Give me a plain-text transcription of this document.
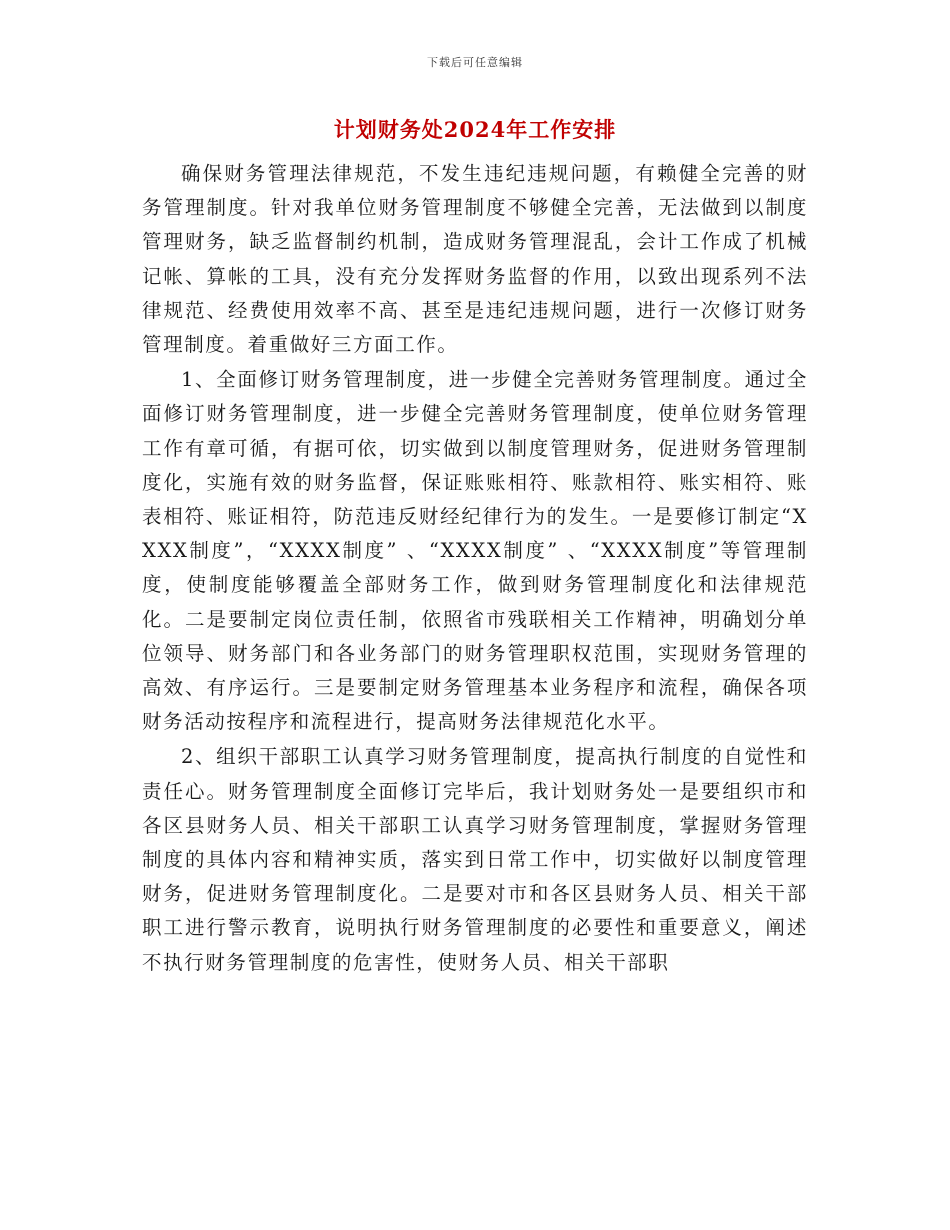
下载后可任意编辑
计划财务处2024年工作安排

确保财务管理法律规范，不发生违纪违规问题，有赖健全完善的财务管理制度。针对我单位财务管理制度不够健全完善，无法做到以制度管理财务，缺乏监督制约机制，造成财务管理混乱，会计工作成了机械记帐、算帐的工具，没有充分发挥财务监督的作用，以致出现系列不法律规范、经费使用效率不高、甚至是违纪违规问题，进行一次修订财务管理制度。着重做好三方面工作。

1、全面修订财务管理制度，进一步健全完善财务管理制度。通过全面修订财务管理制度，进一步健全完善财务管理制度，使单位财务管理工作有章可循，有据可依，切实做到以制度管理财务，促进财务管理制度化，实施有效的财务监督，保证账账相符、账款相符、账实相符、账表相符、账证相符，防范违反财经纪律行为的发生。一是要修订制定“XXXX制度”，“XXXX制度” 、“XXXX制度” 、“XXXX制度”等管理制度，使制度能够覆盖全部财务工作，做到财务管理制度化和法律规范化。二是要制定岗位责任制，依照省市残联相关工作精神，明确划分单位领导、财务部门和各业务部门的财务管理职权范围，实现财务管理的高效、有序运行。三是要制定财务管理基本业务程序和流程，确保各项财务活动按程序和流程进行，提高财务法律规范化水平。

2、组织干部职工认真学习财务管理制度，提高执行制度的自觉性和责任心。财务管理制度全面修订完毕后，我计划财务处一是要组织市和各区县财务人员、相关干部职工认真学习财务管理制度，掌握财务管理制度的具体内容和精神实质，落实到日常工作中，切实做好以制度管理财务，促进财务管理制度化。二是要对市和各区县财务人员、相关干部职工进行警示教育，说明执行财务管理制度的必要性和重要意义，阐述不执行财务管理制度的危害性，使财务人员、相关干部职
